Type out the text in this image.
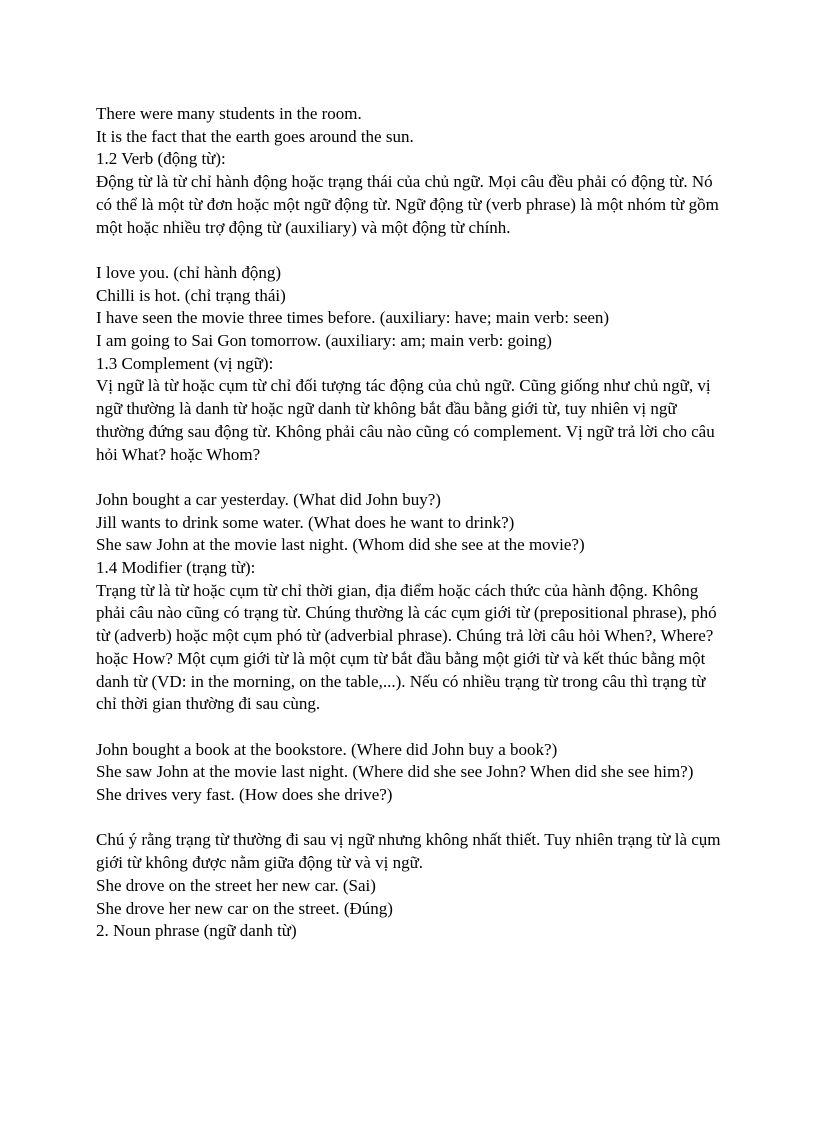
There were many students in the room.
It is the fact that the earth goes around the sun.
1.2 Verb (động từ):
Động từ là từ chỉ hành động hoặc trạng thái của chủ ngữ. Mọi câu đều phải có động từ. Nó có thể là một từ đơn hoặc một ngữ động từ. Ngữ động từ (verb phrase) là một nhóm từ gồm một hoặc nhiều trợ động từ (auxiliary) và một động từ chính.
I love you. (chỉ hành động)
Chilli is hot. (chỉ trạng thái)
I have seen the movie three times before. (auxiliary: have; main verb: seen)
I am going to Sai Gon tomorrow. (auxiliary: am; main verb: going)
1.3 Complement (vị ngữ):
Vị ngữ là từ hoặc cụm từ chỉ đối tượng tác động của chủ ngữ. Cũng giống như chủ ngữ, vị ngữ thường là danh từ hoặc ngữ danh từ không bắt đầu bằng giới từ, tuy nhiên vị ngữ thường đứng sau động từ. Không phải câu nào cũng có complement. Vị ngữ trả lời cho câu hỏi What? hoặc Whom?
John bought a car yesterday. (What did John buy?)
Jill wants to drink some water. (What does he want to drink?)
She saw John at the movie last night. (Whom did she see at the movie?)
1.4 Modifier (trạng từ):
Trạng từ là từ hoặc cụm từ chỉ thời gian, địa điểm hoặc cách thức của hành động. Không phải câu nào cũng có trạng từ. Chúng thường là các cụm giới từ (prepositional phrase), phó từ (adverb) hoặc một cụm phó từ (adverbial phrase). Chúng trả lời câu hỏi When?, Where? hoặc How? Một cụm giới từ là một cụm từ bắt đầu bằng một giới từ và kết thúc bằng một danh từ (VD: in the morning, on the table,...). Nếu có nhiều trạng từ trong câu thì trạng từ chỉ thời gian thường đi sau cùng.
John bought a book at the bookstore. (Where did John buy a book?)
She saw John at the movie last night. (Where did she see John? When did she see him?)
She drives very fast. (How does she drive?)
Chú ý rằng trạng từ thường đi sau vị ngữ nhưng không nhất thiết. Tuy nhiên trạng từ là cụm giới từ không được nằm giữa động từ và vị ngữ.
She drove on the street her new car. (Sai)
She drove her new car on the street. (Đúng)
2. Noun phrase (ngữ danh từ)
